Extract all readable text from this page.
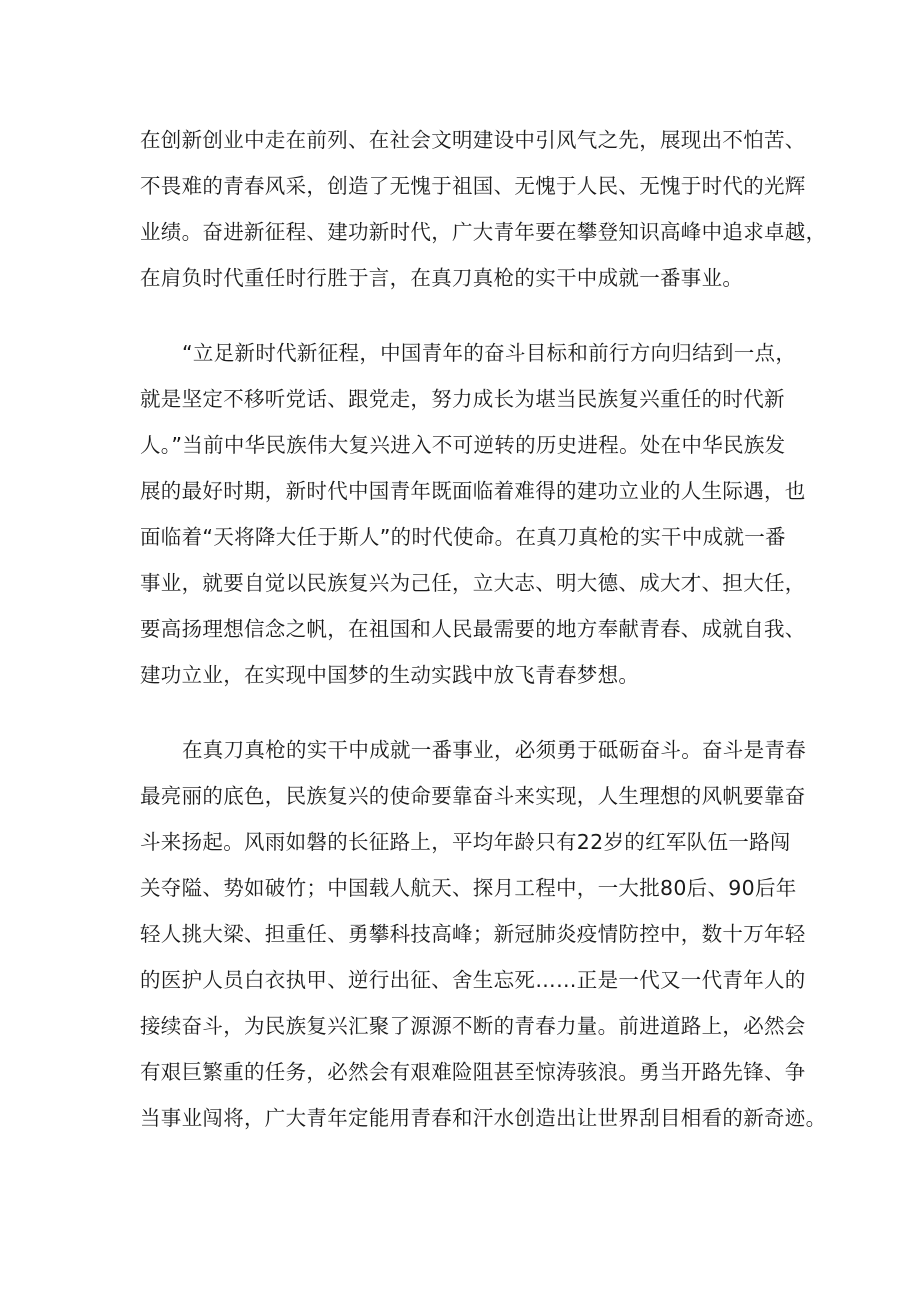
在创新创业中走在前列、在社会文明建设中引风气之先，展现出不怕苦、

不畏难的青春风采，创造了无愧于祖国、无愧于人民、无愧于时代的光辉

业绩。奋进新征程、建功新时代，广大青年要在攀登知识高峰中追求卓越，

在肩负时代重任时行胜于言，在真刀真枪的实干中成就一番事业。

“立足新时代新征程，中国青年的奋斗目标和前行方向归结到一点，

就是坚定不移听党话、跟党走，努力成长为堪当民族复兴重任的时代新

人。”当前中华民族伟大复兴进入不可逆转的历史进程。处在中华民族发

展的最好时期，新时代中国青年既面临着难得的建功立业的人生际遇，也

面临着“天将降大任于斯人”的时代使命。在真刀真枪的实干中成就一番

事业，就要自觉以民族复兴为己任，立大志、明大德、成大才、担大任，

要高扬理想信念之帆，在祖国和人民最需要的地方奉献青春、成就自我、

建功立业，在实现中国梦的生动实践中放飞青春梦想。

在真刀真枪的实干中成就一番事业，必须勇于砥砺奋斗。奋斗是青春

最亮丽的底色，民族复兴的使命要靠奋斗来实现，人生理想的风帆要靠奋

斗来扬起。风雨如磐的长征路上，平均年龄只有22岁的红军队伍一路闯

关夺隘、势如破竹；中国载人航天、探月工程中，一大批80后、90后年

轻人挑大梁、担重任、勇攀科技高峰；新冠肺炎疫情防控中，数十万年轻

的医护人员白衣执甲、逆行出征、舍生忘死……正是一代又一代青年人的

接续奋斗，为民族复兴汇聚了源源不断的青春力量。前进道路上，必然会

有艰巨繁重的任务，必然会有艰难险阻甚至惊涛骇浪。勇当开路先锋、争

当事业闯将，广大青年定能用青春和汗水创造出让世界刮目相看的新奇迹。
